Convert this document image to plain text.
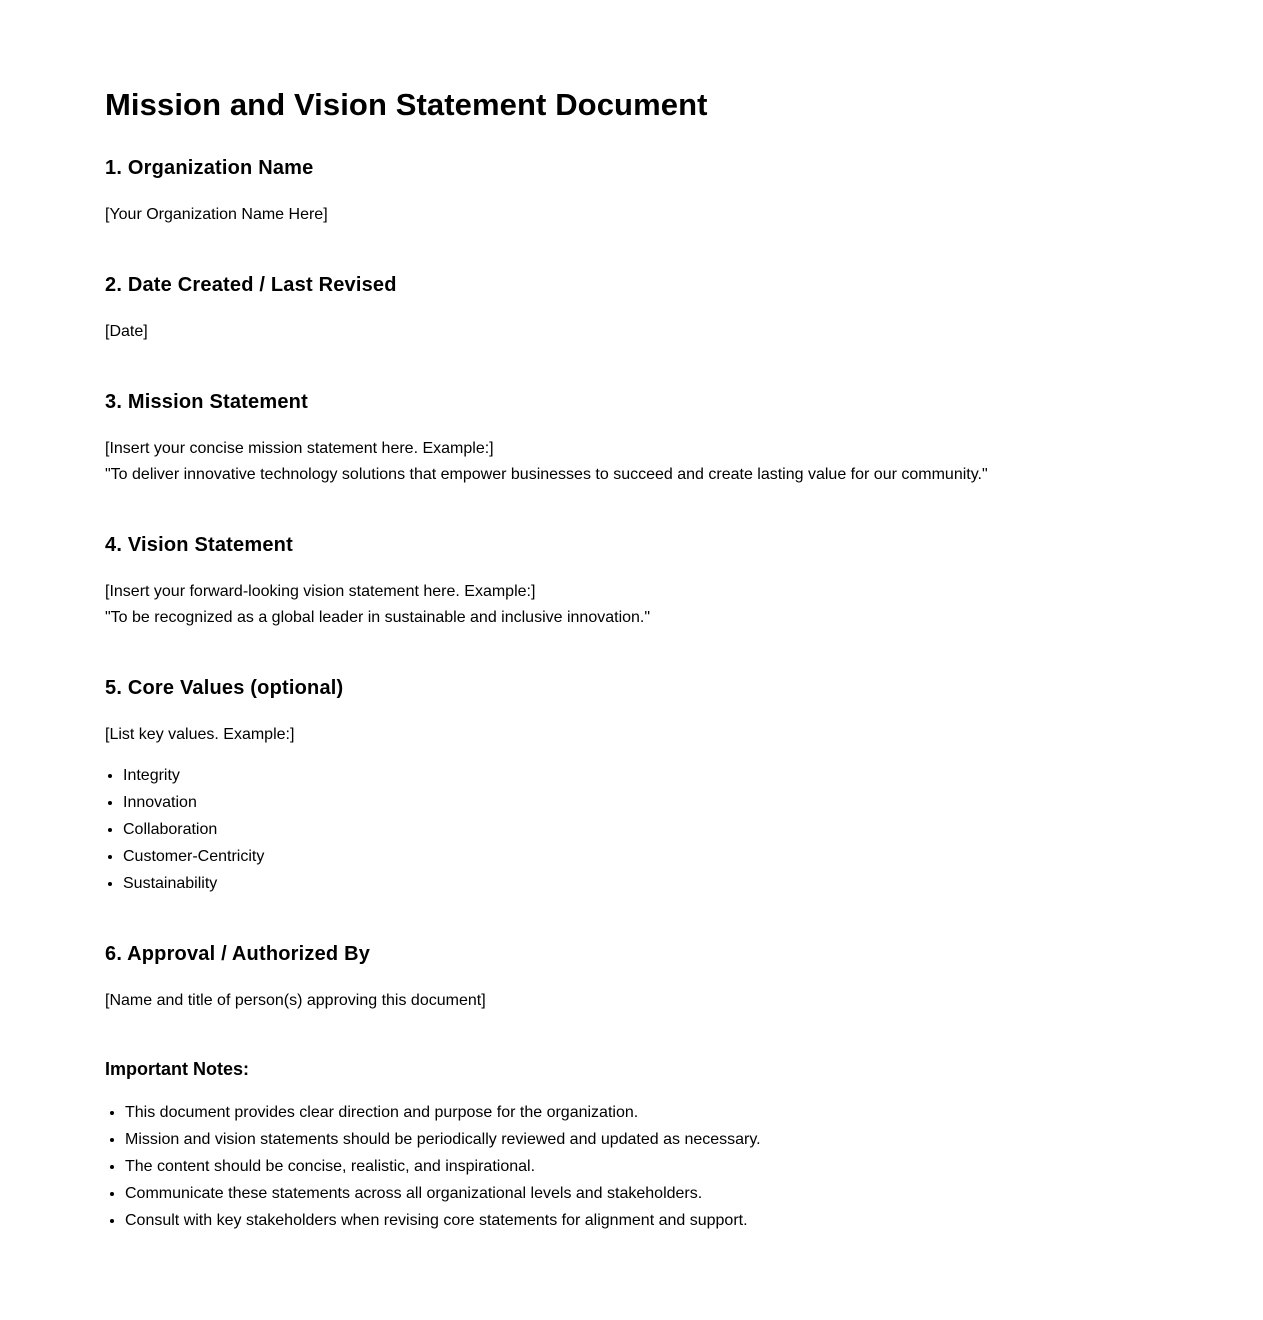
Mission and Vision Statement Document
1. Organization Name

[Your Organization Name Here]

2. Date Created / Last Revised

[Date]

3. Mission Statement

[Insert your concise mission statement here. Example:]

"To deliver innovative technology solutions that empower businesses to succeed and create lasting value for our community."

4. Vision Statement

[Insert your forward-looking vision statement here. Example:]

"To be recognized as a global leader in sustainable and inclusive innovation."

5. Core Values (optional)

[List key values. Example:]

• Integrity
• Innovation
• Collaboration
• Customer-Centricity
• Sustainability
6. Approval / Authorized By

[Name and title of person(s) approving this document]

Important Notes:
• This document provides clear direction and purpose for the organization.
• Mission and vision statements should be periodically reviewed and updated as necessary.
• The content should be concise, realistic, and inspirational.
• Communicate these statements across all organizational levels and stakeholders.
• Consult with key stakeholders when revising core statements for alignment and support.
